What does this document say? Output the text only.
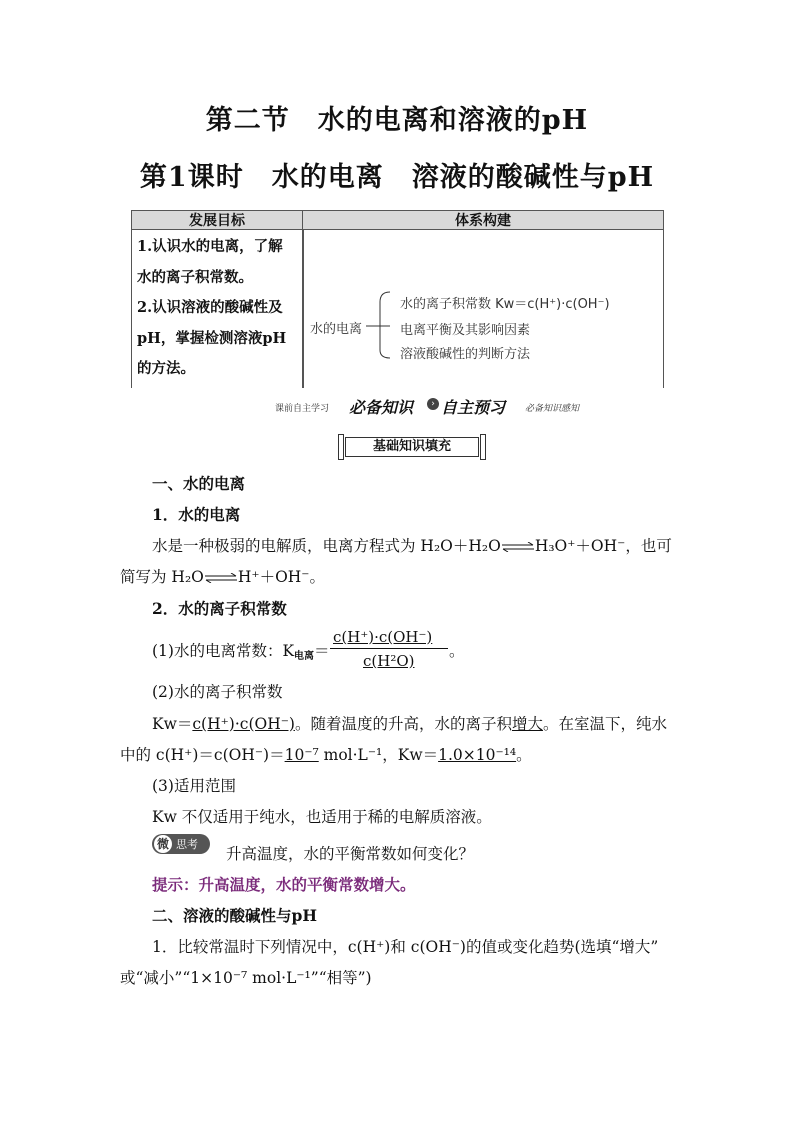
第二节　水的电离和溶液的pH
第1课时　水的电离　溶液的酸碱性与pH
发展目标	体系构建
1.认识水的电离，了解
水的离子积常数。
2.认识溶液的酸碱性及
pH，掌握检测溶液pH
的方法。
水的电离
水的离子积常数 Kw＝c(H⁺)·c(OH⁻)
电离平衡及其影响因素
溶液酸碱性的判断方法
课前自主学习 必备知识	› 自主预习 必备知识感知
基础知识填充
一、水的电离
1．水的电离
水是一种极弱的电解质，电离方程式为 H₂O＋H₂O⇌H₃O⁺＋OH⁻，也可
简写为 H₂O⇌H⁺＋OH⁻。
2．水的离子积常数
(1)水的电离常数：$K_{电离}=$
c(H⁺)·c(OH⁻)
c(H²O)
。
(2)水的离子积常数
Kw＝c(H⁺)·c(OH⁻)。随着温度的升高，水的离子积增大。在室温下，纯水
中的 c(H⁺)＝c(OH⁻)＝10⁻⁷ mol·L⁻¹，Kw＝1.0×10⁻¹⁴。
(3)适用范围
Kw 不仅适用于纯水，也适用于稀的电解质溶液。
微 思考
升高温度，水的平衡常数如何变化？
提示：升高温度，水的平衡常数增大。
二、溶液的酸碱性与pH
1．比较常温时下列情况中，c(H⁺)和 c(OH⁻)的值或变化趋势(选填“增大”
或“减小”“1×10⁻⁷ mol·L⁻¹”“相等”)
